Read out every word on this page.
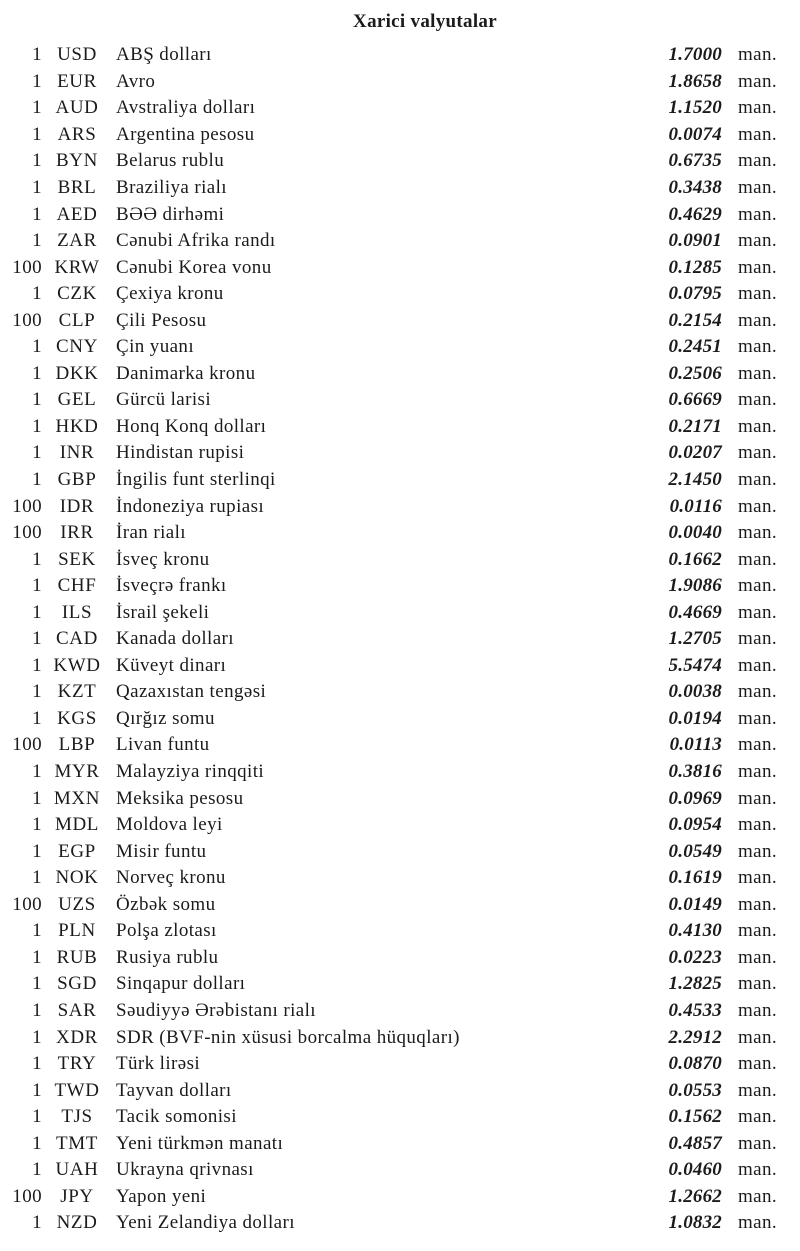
Xarici valyutalar
1 USD	ABŞ dolları	1.7000 man.
1 EUR	Avro	1.8658 man.
1 AUD Avstraliya dolları	1.1520 man.
1 ARS	Argentina pesosu	0.0074 man.
1 BYN Belarus rublu	0.6735 man.
1 BRL	Braziliya rialı	0.3438 man.
1 AED BƏƏ dirhəmi	0.4629 man.
1 ZAR	Cənubi Afrika randı	0.0901 man.
100 KRW Cənubi Korea vonu	0.1285 man.
1 CZK	Çexiya kronu	0.0795 man.
100 CLP	Çili Pesosu	0.2154 man.
1 CNY Çin yuanı	0.2451 man.
1 DKK Danimarka kronu	0.2506 man.
1 GEL	Gürcü larisi	0.6669 man.
1 HKD Honq Konq dolları	0.2171 man.
1 INR	Hindistan rupisi	0.0207 man.
1 GBP	İngilis funt sterlinqi	2.1450 man.
100 IDR	İndoneziya rupiası	0.0116 man.
100 IRR	İran rialı	0.0040 man.
1 SEK	İsveç kronu	0.1662 man.
1 CHF	İsveçrə frankı	1.9086 man.
1	ILS	İsrail şekeli	0.4669 man.
1 CAD Kanada dolları	1.2705 man.
1 KWD Küveyt dinarı	5.5474 man.
1 KZT	Qazaxıstan tengəsi	0.0038 man.
1 KGS	Qırğız somu	0.0194 man.
100 LBP	Livan funtu	0.0113 man.
1 MYR Malayziya rinqqiti	0.3816 man.
1 MXN Meksika pesosu	0.0969 man.
1 MDL Moldova leyi	0.0954 man.
1 EGP	Misir funtu	0.0549 man.
1 NOK Norveç kronu	0.1619 man.
100 UZS	Özbək somu	0.0149 man.
1 PLN	Polşa zlotası	0.4130 man.
1 RUB Rusiya rublu	0.0223 man.
1 SGD	Sinqapur dolları	1.2825 man.
1 SAR	Səudiyyə Ərəbistanı rialı	0.4533 man.
1 XDR SDR (BVF-nin xüsusi borcalma hüquqları)	2.2912 man.
1 TRY	Türk lirəsi	0.0870 man.
1 TWD Tayvan dolları	0.0553 man.
1	TJS	Tacik somonisi	0.1562 man.
1 TMT Yeni türkmən manatı	0.4857 man.
1 UAH Ukrayna qrivnası	0.0460 man.
100 JPY	Yapon yeni	1.2662 man.
1 NZD Yeni Zelandiya dolları	1.0832 man.
